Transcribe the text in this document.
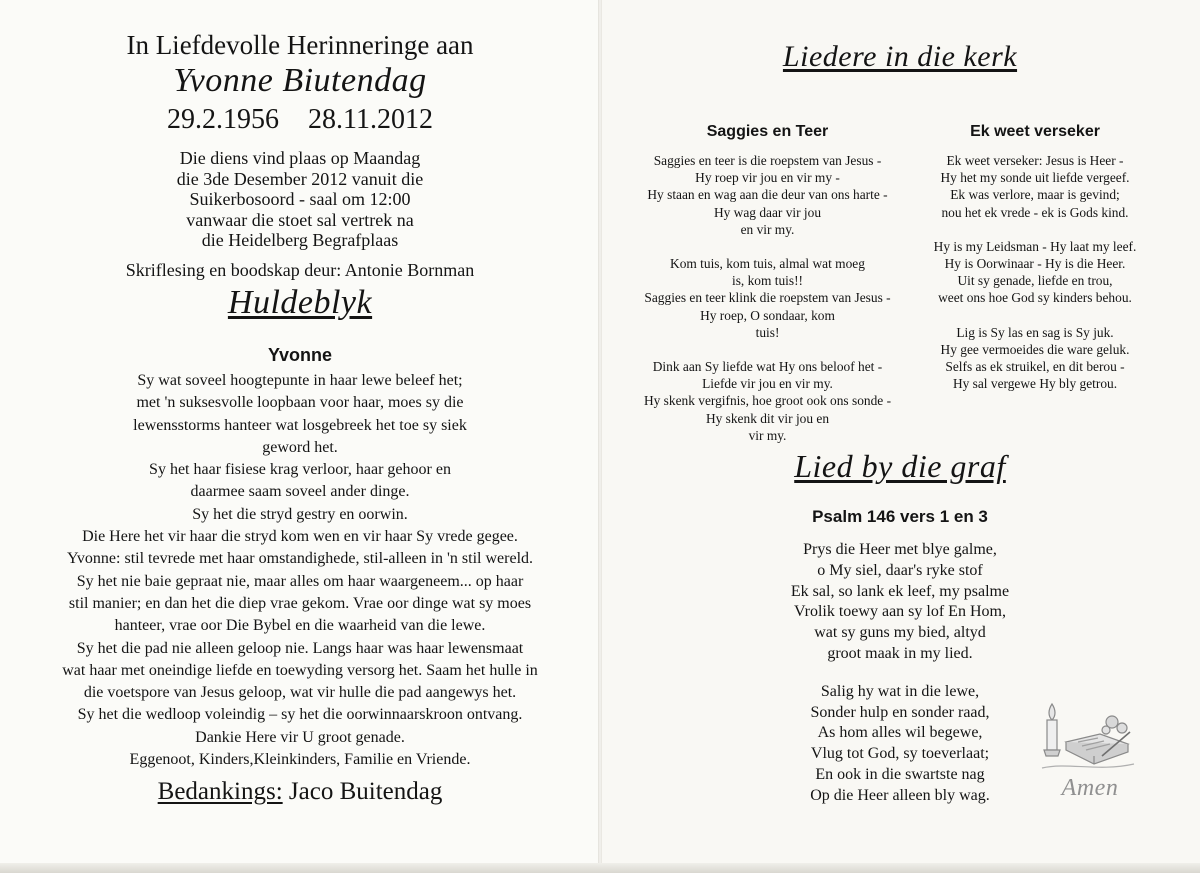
In Liefdevolle Herinneringe aan
Yvonne Biutendag
29.2.1956 28.11.2012
Die diens vind plaas op Maandag
die 3de Desember 2012 vanuit die
Suikerbosoord - saal om 12:00
vanwaar die stoet sal vertrek na
die Heidelberg Begrafplaas
Skriflesing en boodskap deur: Antonie Bornman
Huldeblyk
Yvonne
Sy wat soveel hoogtepunte in haar lewe beleef het;
met 'n suksesvolle loopbaan voor haar, moes sy die
lewensstorms hanteer wat losgebreek het toe sy siek
geword het.
Sy het haar fisiese krag verloor, haar gehoor en
daarmee saam soveel ander dinge.
Sy het die stryd gestry en oorwin.
Die Here het vir haar die stryd kom wen en vir haar Sy vrede gegee.
Yvonne: stil tevrede met haar omstandighede, stil-alleen in 'n stil wereld.
Sy het nie baie gepraat nie, maar alles om haar waargeneem... op haar
stil manier; en dan het die diep vrae gekom. Vrae oor dinge wat sy moes
hanteer, vrae oor Die Bybel en die waarheid van die lewe.
Sy het die pad nie alleen geloop nie. Langs haar was haar lewensmaat
wat haar met oneindige liefde en toewyding versorg het. Saam het hulle in
die voetspore van Jesus geloop, wat vir hulle die pad aangewys het.
Sy het die wedloop voleindig – sy het die oorwinnaarskroon ontvang.
Dankie Here vir U groot genade.
Eggenoot, Kinders,Kleinkinders, Familie en Vriende.
Bedankings: Jaco Buitendag
Liedere in die kerk
Saggies en Teer
Saggies en teer is die roepstem van Jesus -
Hy roep vir jou en vir my -
Hy staan en wag aan die deur van ons harte -
Hy wag daar vir jou
en vir my.
Kom tuis, kom tuis, almal wat moeg
is, kom tuis!!
Saggies en teer klink die roepstem van Jesus -
Hy roep, O sondaar, kom
tuis!
Dink aan Sy liefde wat Hy ons beloof het -
Liefde vir jou en vir my.
Hy skenk vergifnis, hoe groot ook ons sonde -
Hy skenk dit vir jou en
vir my.
Ek weet verseker
Ek weet verseker: Jesus is Heer -
Hy het my sonde uit liefde vergeef.
Ek was verlore, maar is gevind;
nou het ek vrede - ek is Gods kind.
Hy is my Leidsman - Hy laat my leef.
Hy is Oorwinaar - Hy is die Heer.
Uit sy genade, liefde en trou,
weet ons hoe God sy kinders behou.
Lig is Sy las en sag is Sy juk.
Hy gee vermoeides die ware geluk.
Selfs as ek struikel, en dit berou -
Hy sal vergewe Hy bly getrou.
Lied by die graf
Psalm 146 vers 1 en 3
Prys die Heer met blye galme,
o My siel, daar's ryke stof
Ek sal, so lank ek leef, my psalme
Vrolik toewy aan sy lof En Hom,
wat sy guns my bied, altyd
groot maak in my lied.
Salig hy wat in die lewe,
Sonder hulp en sonder raad,
As hom alles wil begewe,
Vlug tot God, sy toeverlaat;
En ook in die swartste nag
Op die Heer alleen bly wag.	Amen
